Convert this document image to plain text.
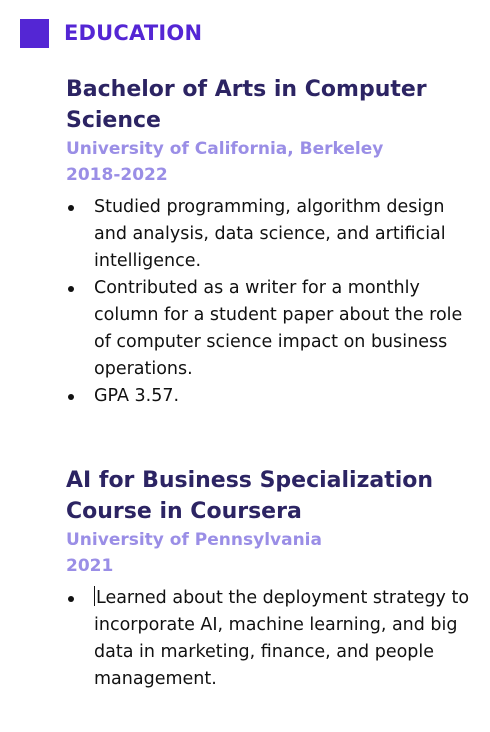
EDUCATION
Bachelor of Arts in Computer Science
University of California, Berkeley
2018-2022
Studied programming, algorithm design and analysis, data science, and artificial intelligence.
Contributed as a writer for a monthly column for a student paper about the role of computer science impact on business operations.
GPA 3.57.
AI for Business Specialization Course in Coursera
University of Pennsylvania
2021
Learned about the deployment strategy to incorporate AI, machine learning, and big data in marketing, finance, and people management.
